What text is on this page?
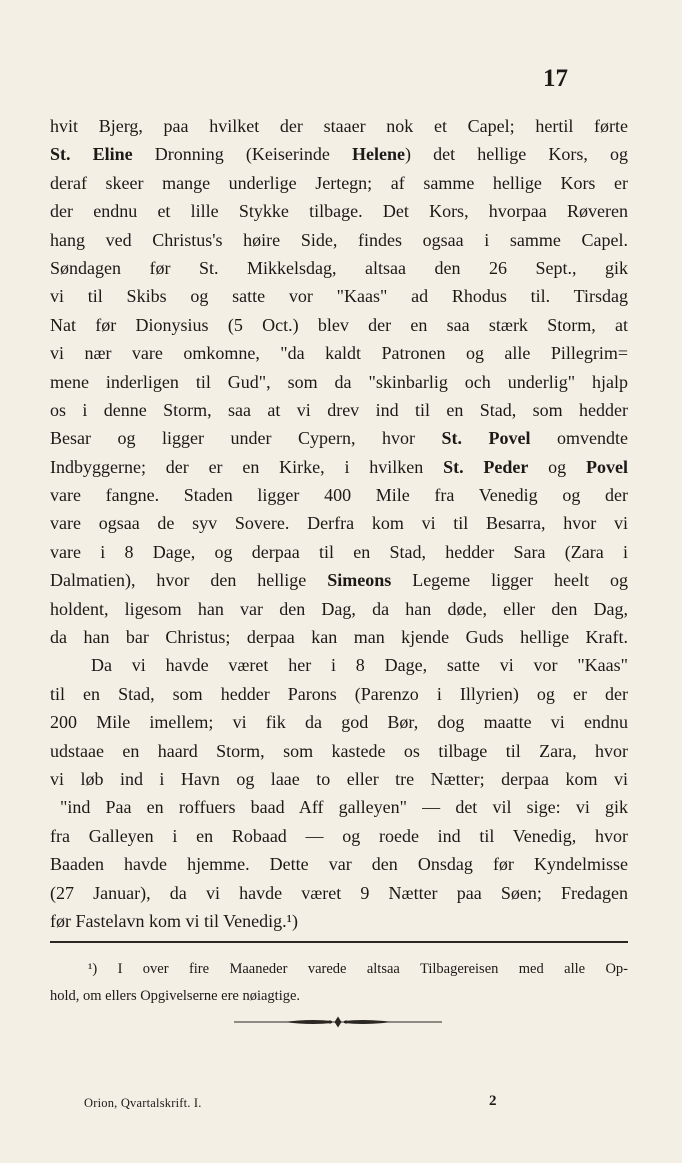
17
hvit Bjerg, paa hvilket der staaer nok et Capel; hertil førte
St. Eline Dronning (Keiserinde Helene) det hellige Kors, og
deraf skeer mange underlige Jertegn; af samme hellige Kors er
der endnu et lille Stykke tilbage. Det Kors, hvorpaa Røveren
hang ved Christus's høire Side, findes ogsaa i samme Capel.
Søndagen før St. Mikkelsdag, altsaa den 26 Sept., gik
vi til Skibs og satte vor "Kaas" ad Rhodus til. Tirsdag
Nat før Dionysius (5 Oct.) blev der en saa stærk Storm, at
vi nær vare omkomne, "da kaldt Patronen og alle Pillegrim=
mene inderligen til Gud", som da "skinbarlig och underlig" hjalp
os i denne Storm, saa at vi drev ind til en Stad, som hedder
Besar og ligger under Cypern, hvor St. Povel omvendte
Indbyggerne; der er en Kirke, i hvilken St. Peder og Povel
vare fangne. Staden ligger 400 Mile fra Venedig og der
vare ogsaa de syv Sovere. Derfra kom vi til Besarra, hvor vi
vare i 8 Dage, og derpaa til en Stad, hedder Sara (Zara i
Dalmatien), hvor den hellige Simeons Legeme ligger heelt og
holdent, ligesom han var den Dag, da han døde, eller den Dag,
da han bar Christus; derpaa kan man kjende Guds hellige Kraft.
Da vi havde været her i 8 Dage, satte vi vor "Kaas"
til en Stad, som hedder Parons (Parenzo i Illyrien) og er der
200 Mile imellem; vi fik da god Bør, dog maatte vi endnu
udstaae en haard Storm, som kastede os tilbage til Zara, hvor
vi løb ind i Havn og laae to eller tre Nætter; derpaa kom vi
"ind Paa en roffuers baad Aff galleyen" — det vil sige: vi gik
fra Galleyen i en Robaad — og roede ind til Venedig, hvor
Baaden havde hjemme. Dette var den Onsdag før Kyndelmisse
(27 Januar), da vi havde været 9 Nætter paa Søen; Fredagen
før Fastelavn kom vi til Venedig.¹)
¹) I over fire Maaneder varede altsaa Tilbagereisen med alle Op-
hold, om ellers Opgivelserne ere nøiagtige.
Orion, Qvartalskrift. I.	2
